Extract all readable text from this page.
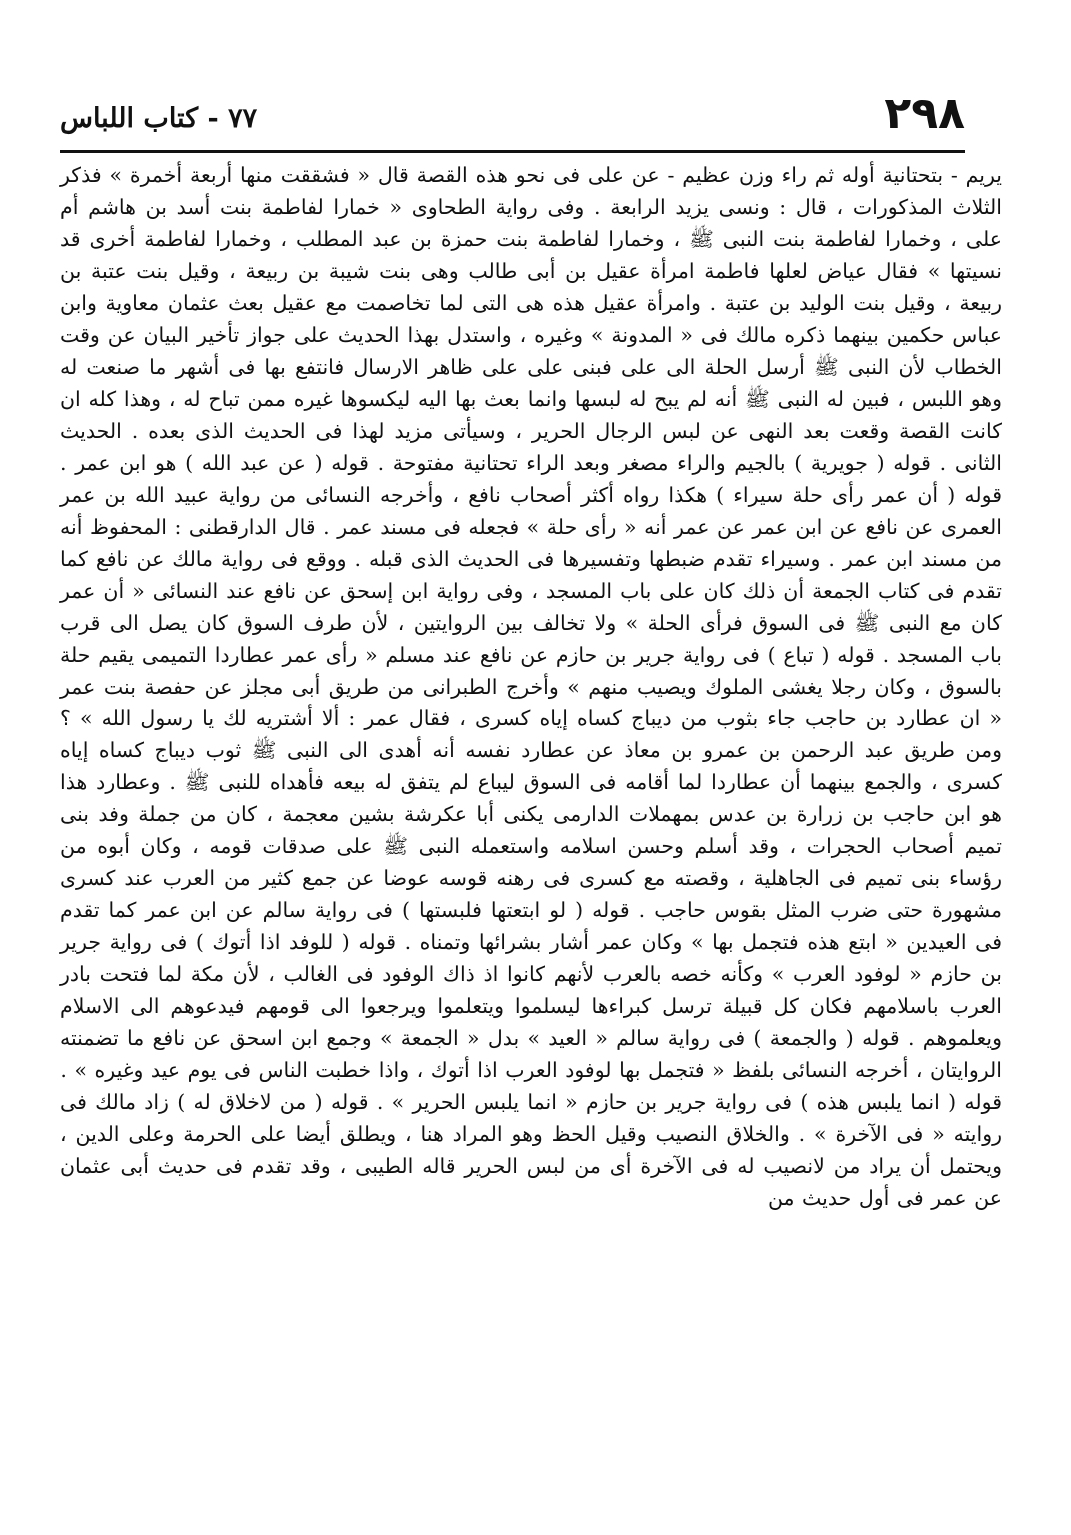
٢٩٨
٧٧ - كتاب اللباس

يريم - بتحتانية أوله ثم راء وزن عظيم - عن على فى نحو هذه القصة قال « فشققت منها أربعة أخمرة » فذكر الثلاث المذكورات ، قال : ونسى يزيد الرابعة . وفى رواية الطحاوى « خمارا لفاطمة بنت أسد بن هاشم أم على ، وخمارا لفاطمة بنت النبى ﷺ ، وخمارا لفاطمة بنت حمزة بن عبد المطلب ، وخمارا لفاطمة أخرى قد نسيتها » فقال عياض لعلها فاطمة امرأة عقيل بن أبى طالب وهى بنت شيبة بن ربيعة ، وقيل بنت عتبة بن ربيعة ، وقيل بنت الوليد بن عتبة . وامرأة عقيل هذه هى التى لما تخاصمت مع عقيل بعث عثمان معاوية وابن عباس حكمين بينهما ذكره مالك فى « المدونة » وغيره ، واستدل بهذا الحديث على جواز تأخير البيان عن وقت الخطاب لأن النبى ﷺ أرسل الحلة الى على فبنى على على ظاهر الارسال فانتفع بها فى أشهر ما صنعت له وهو اللبس ، فبين له النبى ﷺ أنه لم يبح له لبسها وانما بعث بها اليه ليكسوها غيره ممن تباح له ، وهذا كله ان كانت القصة وقعت بعد النهى عن لبس الرجال الحرير ، وسيأتى مزيد لهذا فى الحديث الذى بعده . الحديث الثانى . قوله ( جويرية ) بالجيم والراء مصغر وبعد الراء تحتانية مفتوحة . قوله ( عن عبد الله ) هو ابن عمر . قوله ( أن عمر رأى حلة سيراء ) هكذا رواه أكثر أصحاب نافع ، وأخرجه النسائى من رواية عبيد الله بن عمر العمرى عن نافع عن ابن عمر عن عمر أنه « رأى حلة » فجعله فى مسند عمر . قال الدارقطنى : المحفوظ أنه من مسند ابن عمر . وسيراء تقدم ضبطها وتفسيرها فى الحديث الذى قبله . ووقع فى رواية مالك عن نافع كما تقدم فى كتاب الجمعة أن ذلك كان على باب المسجد ، وفى رواية ابن إسحق عن نافع عند النسائى « أن عمر كان مع النبى ﷺ فى السوق فرأى الحلة » ولا تخالف بين الروايتين ، لأن طرف السوق كان يصل الى قرب باب المسجد . قوله ( تباع ) فى رواية جرير بن حازم عن نافع عند مسلم « رأى عمر عطاردا التميمى يقيم حلة بالسوق ، وكان رجلا يغشى الملوك ويصيب منهم » وأخرج الطبرانى من طريق أبى مجلز عن حفصة بنت عمر « ان عطارد بن حاجب جاء بثوب من ديباج كساه إياه كسرى ، فقال عمر : ألا أشتريه لك يا رسول الله » ؟ ومن طريق عبد الرحمن بن عمرو بن معاذ عن عطارد نفسه أنه أهدى الى النبى ﷺ ثوب ديباج كساه إياه كسرى ، والجمع بينهما أن عطاردا لما أقامه فى السوق ليباع لم يتفق له بيعه فأهداه للنبى ﷺ . وعطارد هذا هو ابن حاجب بن زرارة بن عدس بمهملات الدارمى يكنى أبا عكرشة بشين معجمة ، كان من جملة وفد بنى تميم أصحاب الحجرات ، وقد أسلم وحسن اسلامه واستعمله النبى ﷺ على صدقات قومه ، وكان أبوه من رؤساء بنى تميم فى الجاهلية ، وقصته مع كسرى فى رهنه قوسه عوضا عن جمع كثير من العرب عند كسرى مشهورة حتى ضرب المثل بقوس حاجب . قوله ( لو ابتعتها فلبستها ) فى رواية سالم عن ابن عمر كما تقدم فى العيدين « ابتع هذه فتجمل بها » وكان عمر أشار بشرائها وتمناه . قوله ( للوفد اذا أتوك ) فى رواية جرير بن حازم « لوفود العرب » وكأنه خصه بالعرب لأنهم كانوا اذ ذاك الوفود فى الغالب ، لأن مكة لما فتحت بادر العرب باسلامهم فكان كل قبيلة ترسل كبراءها ليسلموا ويتعلموا ويرجعوا الى قومهم فيدعوهم الى الاسلام ويعلموهم . قوله ( والجمعة ) فى رواية سالم « العيد » بدل « الجمعة » وجمع ابن اسحق عن نافع ما تضمنته الروايتان ، أخرجه النسائى بلفظ « فتجمل بها لوفود العرب اذا أتوك ، واذا خطبت الناس فى يوم عيد وغيره » .

قوله ( انما يلبس هذه ) فى رواية جرير بن حازم « انما يلبس الحرير » . قوله ( من لاخلاق له ) زاد مالك فى روايته « فى الآخرة » . والخلاق النصيب وقيل الحظ وهو المراد هنا ، ويطلق أيضا على الحرمة وعلى الدين ، ويحتمل أن يراد من لانصيب له فى الآخرة أى من لبس الحرير قاله الطيبى ، وقد تقدم فى حديث أبى عثمان عن عمر فى أول حديث من
